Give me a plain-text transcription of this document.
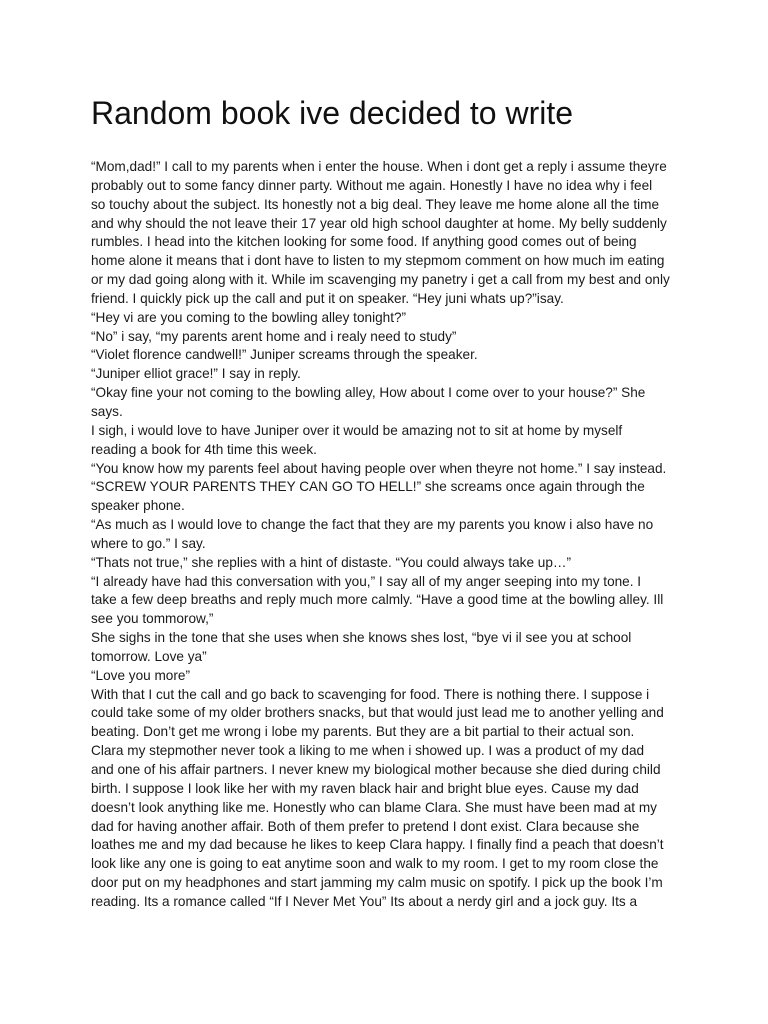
Random book ive decided to write
“Mom,dad!” I call to my parents when i enter the house. When i dont get a reply i assume theyre
probably out to some fancy dinner party. Without me again. Honestly I have no idea why i feel
so touchy about the subject. Its honestly not a big deal. They leave me home alone all the time
and why should the not leave their 17 year old high school daughter at home. My belly suddenly
rumbles. I head into the kitchen looking for some food. If anything good comes out of being
home alone it means that i dont have to listen to my stepmom comment on how much im eating
or my dad going along with it. While im scavenging my panetry i get a call from my best and only
friend. I quickly pick up the call and put it on speaker. “Hey juni whats up?”isay.
“Hey vi are you coming to the bowling alley tonight?”
“No” i say, “my parents arent home and i realy need to study”
“Violet florence candwell!” Juniper screams through the speaker.
“Juniper elliot grace!” I say in reply.
“Okay fine your not coming to the bowling alley, How about I come over to your house?” She
says.
I sigh, i would love to have Juniper over it would be amazing not to sit at home by myself
reading a book for 4th time this week.
“You know how my parents feel about having people over when theyre not home.” I say instead.
“SCREW YOUR PARENTS THEY CAN GO TO HELL!” she screams once again through the
speaker phone.
“As much as I would love to change the fact that they are my parents you know i also have no
where to go.” I say.
“Thats not true,” she replies with a hint of distaste. “You could always take up…”
“I already have had this conversation with you,” I say all of my anger seeping into my tone. I
take a few deep breaths and reply much more calmly. “Have a good time at the bowling alley. Ill
see you tommorow,”
She sighs in the tone that she uses when she knows shes lost, “bye vi il see you at school
tomorrow. Love ya”
“Love you more”
With that I cut the call and go back to scavenging for food. There is nothing there. I suppose i
could take some of my older brothers snacks, but that would just lead me to another yelling and
beating. Don’t get me wrong i lobe my parents. But they are a bit partial to their actual son.
Clara my stepmother never took a liking to me when i showed up. I was a product of my dad
and one of his affair partners. I never knew my biological mother because she died during child
birth. I suppose I look like her with my raven black hair and bright blue eyes. Cause my dad
doesn’t look anything like me. Honestly who can blame Clara. She must have been mad at my
dad for having another affair. Both of them prefer to pretend I dont exist. Clara because she
loathes me and my dad because he likes to keep Clara happy. I finally find a peach that doesn’t
look like any one is going to eat anytime soon and walk to my room. I get to my room close the
door put on my headphones and start jamming my calm music on spotify. I pick up the book I’m
reading. Its a romance called “If I Never Met You” Its about a nerdy girl and a jock guy. Its a
